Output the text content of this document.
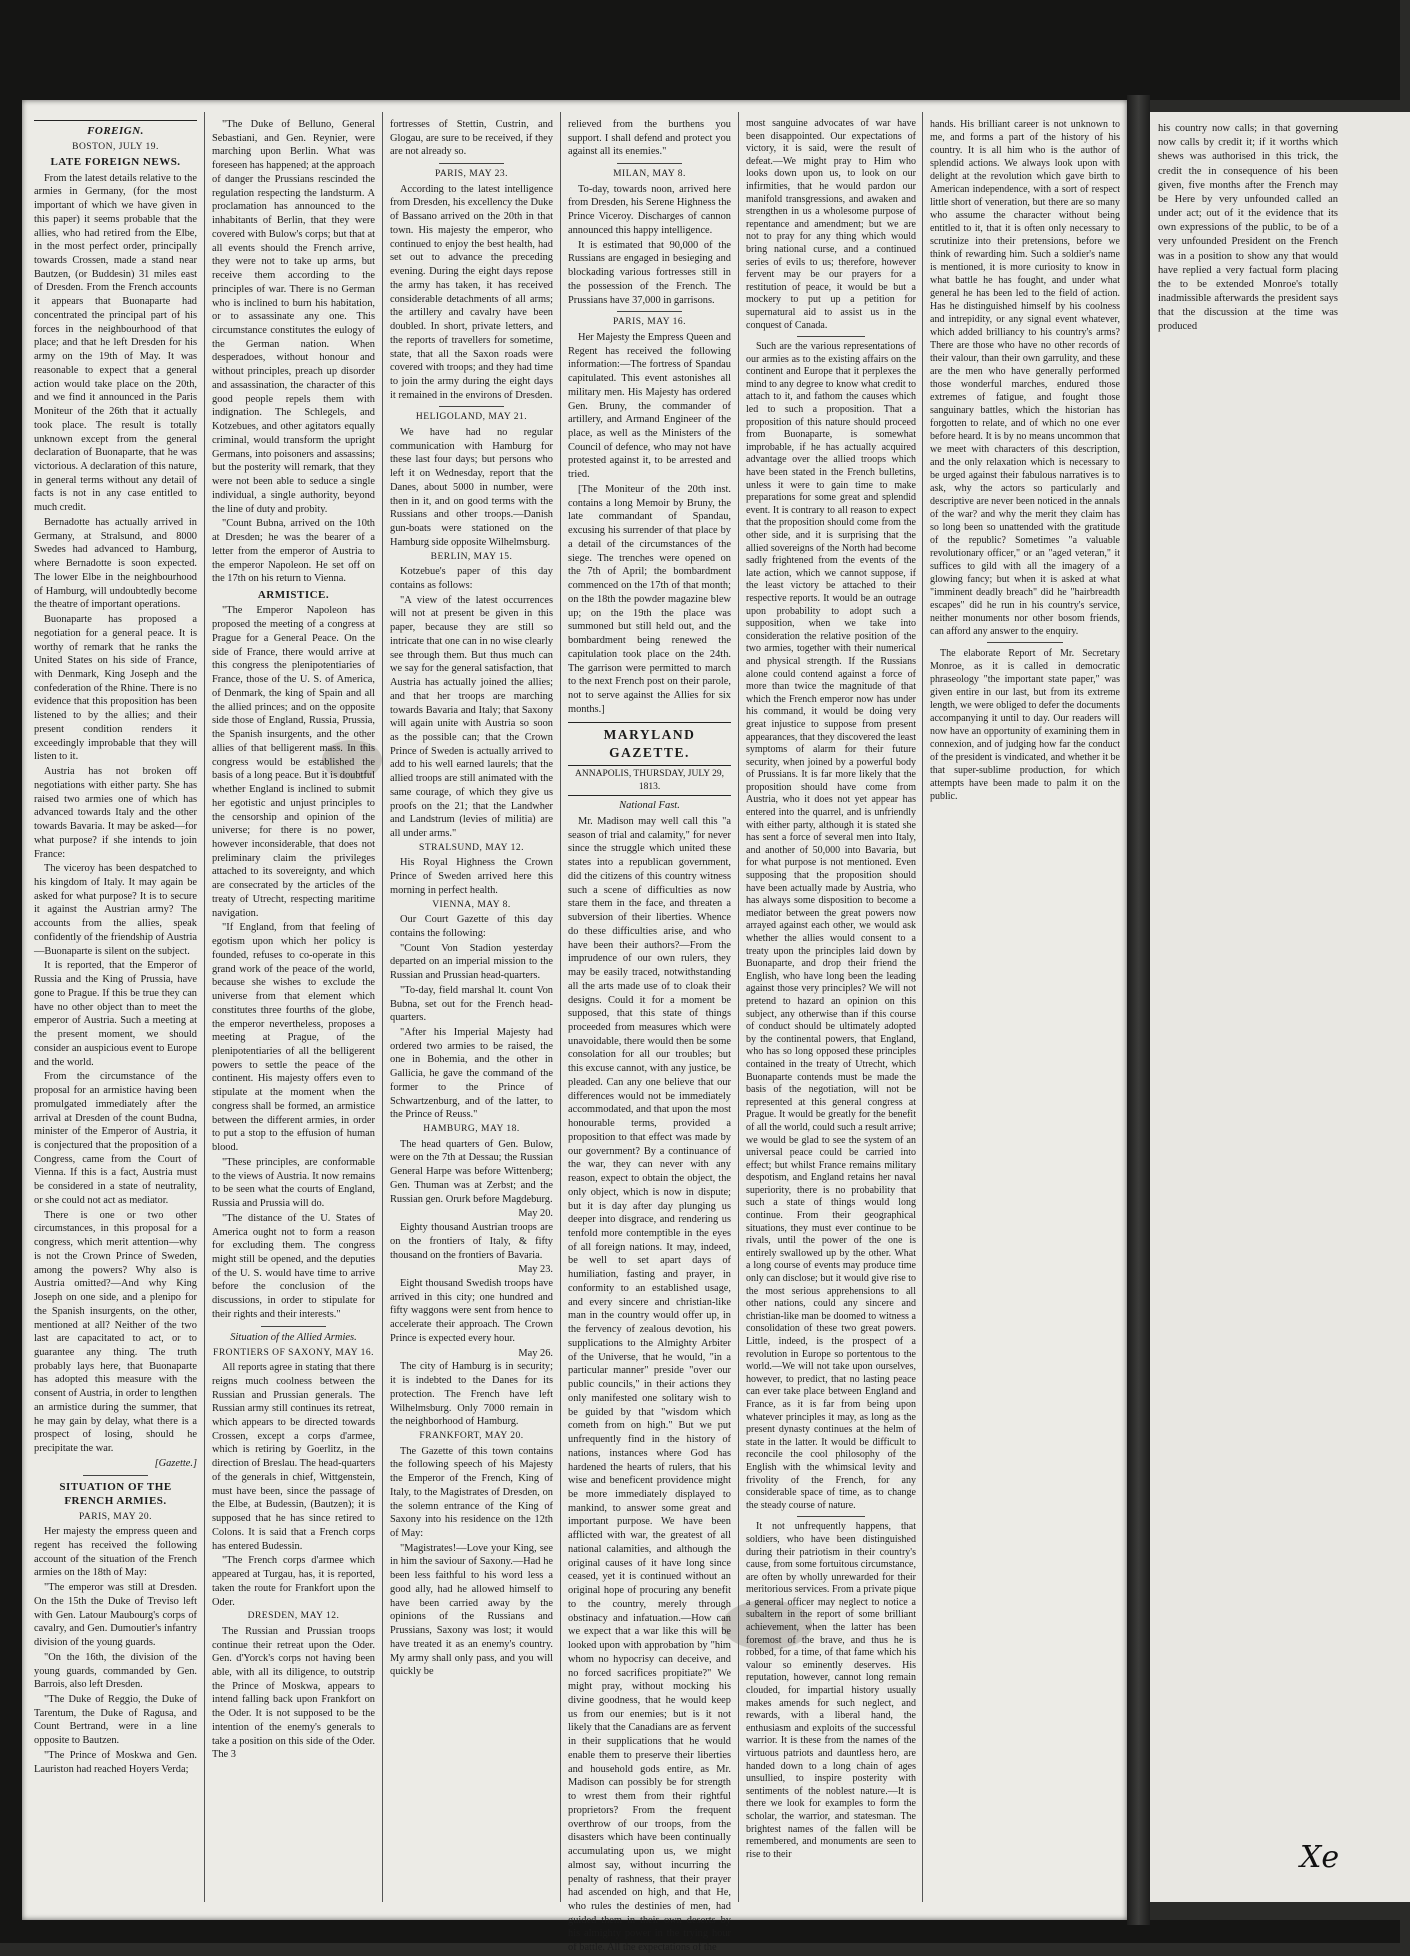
FOREIGN.
BOSTON, JULY 19.
LATE FOREIGN NEWS.

From the latest details relative to the armies in Germany, (for the most important of which we have given in this paper) it seems probable that the allies, who had retired from the Elbe, in the most perfect order, principally towards Crossen, made a stand near Bautzen, (or Buddesin) 31 miles east of Dresden. From the French accounts it appears that Buonaparte had concentrated the principal part of his forces in the neighbourhood of that place; and that he left Dresden for his army on the 19th of May. It was reasonable to expect that a general action would take place on the 20th, and we find it announced in the Paris Moniteur of the 26th that it actually took place. The result is totally unknown except from the general declaration of Buonaparte, that he was victorious. A declaration of this nature, in general terms without any detail of facts is not in any case entitled to much credit.

Bernadotte has actually arrived in Germany, at Stralsund, and 8000 Swedes had advanced to Hamburg, where Bernadotte is soon expected. The lower Elbe in the neighbourhood of Hamburg, will undoubtedly become the theatre of important operations.

Buonaparte has proposed a negotiation for a general peace. It is worthy of remark that he ranks the United States on his side of France, with Denmark, King Joseph and the confederation of the Rhine. There is no evidence that this proposition has been listened to by the allies; and their present condition renders it exceedingly improbable that they will listen to it.

Austria has not broken off negotiations with either party. She has raised two armies one of which has advanced towards Italy and the other towards Bavaria. It may be asked—for what purpose? if she intends to join France:

The viceroy has been despatched to his kingdom of Italy. It may again be asked for what purpose? It is to secure it against the Austrian army? The accounts from the allies, speak confidently of the friendship of Austria—Buonaparte is silent on the subject.

It is reported, that the Emperor of Russia and the King of Prussia, have gone to Prague. If this be true they can have no other object than to meet the emperor of Austria. Such a meeting at the present moment, we should consider an auspicious event to Europe and the world.

From the circumstance of the proposal for an armistice having been promulgated immediately after the arrival at Dresden of the count Budna, minister of the Emperor of Austria, it is conjectured that the proposition of a Congress, came from the Court of Vienna. If this is a fact, Austria must be considered in a state of neutrality, or she could not act as mediator.

There is one or two other circumstances, in this proposal for a congress, which merit attention—why is not the Crown Prince of Sweden, among the powers? Why also is Austria omitted?—And why King Joseph on one side, and a plenipo for the Spanish insurgents, on the other, mentioned at all? Neither of the two last are capacitated to act, or to guarantee any thing. The truth probably lays here, that Buonaparte has adopted this measure with the consent of Austria, in order to lengthen an armistice during the summer, that he may gain by delay, what there is a prospect of losing, should he precipitate the war.

[Gazette.]
SITUATION OF THE FRENCH ARMIES.
PARIS, MAY 20.

Her majesty the empress queen and regent has received the following account of the situation of the French armies on the 18th of May:

"The emperor was still at Dresden. On the 15th the Duke of Treviso left with Gen. Latour Maubourg's corps of cavalry, and Gen. Dumoutier's infantry division of the young guards.

"On the 16th, the division of the young guards, commanded by Gen. Barrois, also left Dresden.

"The Duke of Reggio, the Duke of Tarentum, the Duke of Ragusa, and Count Bertrand, were in a line opposite to Bautzen.

"The Prince of Moskwa and Gen. Lauriston had reached Hoyers Verda;

"The Duke of Belluno, General Sebastiani, and Gen. Reynier, were marching upon Berlin. What was foreseen has happened; at the approach of danger the Prussians rescinded the regulation respecting the landsturm. A proclamation has announced to the inhabitants of Berlin, that they were covered with Bulow's corps; but that at all events should the French arrive, they were not to take up arms, but receive them according to the principles of war. There is no German who is inclined to burn his habitation, or to assassinate any one. This circumstance constitutes the eulogy of the German nation. When desperadoes, without honour and without principles, preach up disorder and assassination, the character of this good people repels them with indignation. The Schlegels, and Kotzebues, and other agitators equally criminal, would transform the upright Germans, into poisoners and assassins; but the posterity will remark, that they were not been able to seduce a single individual, a single authority, beyond the line of duty and probity.

"Count Bubna, arrived on the 10th at Dresden; he was the bearer of a letter from the emperor of Austria to the emperor Napoleon. He set off on the 17th on his return to Vienna.

ARMISTICE.

"The Emperor Napoleon has proposed the meeting of a congress at Prague for a General Peace. On the side of France, there would arrive at this congress the plenipotentiaries of France, those of the U. S. of America, of Denmark, the king of Spain and all the allied princes; and on the opposite side those of England, Russia, Prussia, the Spanish insurgents, and the other allies of that belligerent mass. In this congress would be established the basis of a long peace. But it is doubtful whether England is inclined to submit her egotistic and unjust principles to the censorship and opinion of the universe; for there is no power, however inconsiderable, that does not preliminary claim the privileges attached to its sovereignty, and which are consecrated by the articles of the treaty of Utrecht, respecting maritime navigation.

"If England, from that feeling of egotism upon which her policy is founded, refuses to co-operate in this grand work of the peace of the world, because she wishes to exclude the universe from that element which constitutes three fourths of the globe, the emperor nevertheless, proposes a meeting at Prague, of the plenipotentiaries of all the belligerent powers to settle the peace of the continent. His majesty offers even to stipulate at the moment when the congress shall be formed, an armistice between the different armies, in order to put a stop to the effusion of human blood.

"These principles, are conformable to the views of Austria. It now remains to be seen what the courts of England, Russia and Prussia will do.

"The distance of the U. States of America ought not to form a reason for excluding them. The congress might still be opened, and the deputies of the U. S. would have time to arrive before the conclusion of the discussions, in order to stipulate for their rights and their interests."

Situation of the Allied Armies.
FRONTIERS OF SAXONY, MAY 16.

All reports agree in stating that there reigns much coolness between the Russian and Prussian generals. The Russian army still continues its retreat, which appears to be directed towards Crossen, except a corps d'armee, which is retiring by Goerlitz, in the direction of Breslau. The head-quarters of the generals in chief, Wittgenstein, must have been, since the passage of the Elbe, at Budessin, (Bautzen); it is supposed that he has since retired to Colons. It is said that a French corps has entered Budessin.

"The French corps d'armee which appeared at Turgau, has, it is reported, taken the route for Frankfort upon the Oder.

DRESDEN, MAY 12.

The Russian and Prussian troops continue their retreat upon the Oder. Gen. d'Yorck's corps not having been able, with all its diligence, to outstrip the Prince of Moskwa, appears to intend falling back upon Frankfort on the Oder. It is not supposed to be the intention of the enemy's generals to take a position on this side of the Oder. The 3

fortresses of Stettin, Custrin, and Glogau, are sure to be received, if they are not already so.

PARIS, MAY 23.

According to the latest intelligence from Dresden, his excellency the Duke of Bassano arrived on the 20th in that town. His majesty the emperor, who continued to enjoy the best health, had set out to advance the preceding evening. During the eight days repose the army has taken, it has received considerable detachments of all arms; the artillery and cavalry have been doubled. In short, private letters, and the reports of travellers for sometime, state, that all the Saxon roads were covered with troops; and they had time to join the army during the eight days it remained in the environs of Dresden.

HELIGOLAND, MAY 21.

We have had no regular communication with Hamburg for these last four days; but persons who left it on Wednesday, report that the Danes, about 5000 in number, were then in it, and on good terms with the Russians and other troops.—Danish gun-boats were stationed on the Hamburg side opposite Wilhelmsburg.

BERLIN, MAY 15.

Kotzebue's paper of this day contains as follows:

"A view of the latest occurrences will not at present be given in this paper, because they are still so intricate that one can in no wise clearly see through them. But thus much can we say for the general satisfaction, that Austria has actually joined the allies; and that her troops are marching towards Bavaria and Italy; that Saxony will again unite with Austria so soon as the possible can; that the Crown Prince of Sweden is actually arrived to add to his well earned laurels; that the allied troops are still animated with the same courage, of which they give us proofs on the 21; that the Landwher and Landstrum (levies of militia) are all under arms."

STRALSUND, MAY 12.

His Royal Highness the Crown Prince of Sweden arrived here this morning in perfect health.

VIENNA, MAY 8.

Our Court Gazette of this day contains the following:

"Count Von Stadion yesterday departed on an imperial mission to the Russian and Prussian head-quarters.

"To-day, field marshal lt. count Von Bubna, set out for the French head-quarters.

"After his Imperial Majesty had ordered two armies to be raised, the one in Bohemia, and the other in Gallicia, he gave the command of the former to the Prince of Schwartzenburg, and of the latter, to the Prince of Reuss."

HAMBURG, MAY 18.

The head quarters of Gen. Bulow, were on the 7th at Dessau; the Russian General Harpe was before Wittenberg; Gen. Thuman was at Zerbst; and the Russian gen. Orurk before Magdeburg.

May 20.

Eighty thousand Austrian troops are on the frontiers of Italy, & fifty thousand on the frontiers of Bavaria.

May 23.

Eight thousand Swedish troops have arrived in this city; one hundred and fifty waggons were sent from hence to accelerate their approach. The Crown Prince is expected every hour.

May 26.

The city of Hamburg is in security; it is indebted to the Danes for its protection. The French have left Wilhelmsburg. Only 7000 remain in the neighborhood of Hamburg.

FRANKFORT, MAY 20.

The Gazette of this town contains the following speech of his Majesty the Emperor of the French, King of Italy, to the Magistrates of Dresden, on the solemn entrance of the King of Saxony into his residence on the 12th of May:

"Magistrates!—Love your King, see in him the saviour of Saxony.—Had he been less faithful to his word less a good ally, had he allowed himself to have been carried away by the opinions of the Russians and Prussians, Saxony was lost; it would have treated it as an enemy's country. My army shall only pass, and you will quickly be

relieved from the burthens you support. I shall defend and protect you against all its enemies."

MILAN, MAY 8.

To-day, towards noon, arrived here from Dresden, his Serene Highness the Prince Viceroy. Discharges of cannon announced this happy intelligence.

It is estimated that 90,000 of the Russians are engaged in besieging and blockading various fortresses still in the possession of the French. The Prussians have 37,000 in garrisons.

PARIS, MAY 16.

Her Majesty the Empress Queen and Regent has received the following information:—The fortress of Spandau capitulated. This event astonishes all military men. His Majesty has ordered Gen. Bruny, the commander of artillery, and Armand Engineer of the place, as well as the Ministers of the Council of defence, who may not have protested against it, to be arrested and tried.

[The Moniteur of the 20th inst. contains a long Memoir by Bruny, the late commandant of Spandau, excusing his surrender of that place by a detail of the circumstances of the siege. The trenches were opened on the 7th of April; the bombardment commenced on the 17th of that month; on the 18th the powder magazine blew up; on the 19th the place was summoned but still held out, and the bombardment being renewed the capitulation took place on the 24th. The garrison were permitted to march to the next French post on their parole, not to serve against the Allies for six months.]

MARYLAND GAZETTE.
ANNAPOLIS, THURSDAY, JULY 29, 1813.
National Fast.

Mr. Madison may well call this "a season of trial and calamity," for never since the struggle which united these states into a republican government, did the citizens of this country witness such a scene of difficulties as now stare them in the face, and threaten a subversion of their liberties. Whence do these difficulties arise, and who have been their authors?—From the imprudence of our own rulers, they may be easily traced, notwithstanding all the arts made use of to cloak their designs. Could it for a moment be supposed, that this state of things proceeded from measures which were unavoidable, there would then be some consolation for all our troubles; but this excuse cannot, with any justice, be pleaded. Can any one believe that our differences would not be immediately accommodated, and that upon the most honourable terms, provided a proposition to that effect was made by our government? By a continuance of the war, they can never with any reason, expect to obtain the object, the only object, which is now in dispute; but it is day after day plunging us deeper into disgrace, and rendering us tenfold more contemptible in the eyes of all foreign nations. It may, indeed, be well to set apart days of humiliation, fasting and prayer, in conformity to an established usage, and every sincere and christian-like man in the country would offer up, in the fervency of zealous devotion, his supplications to the Almighty Arbiter of the Universe, that he would, "in a particular manner" preside "over our public councils," in their actions they only manifested one solitary wish to be guided by that "wisdom which cometh from on high." But we put unfrequently find in the history of nations, instances where God has hardened the hearts of rulers, that his wise and beneficent providence might be more immediately displayed to mankind, to answer some great and important purpose. We have been afflicted with war, the greatest of all national calamities, and although the original causes of it have long since ceased, yet it is continued without an original hope of procuring any benefit to the country, merely through obstinacy and infatuation.—How can we expect that a war like this will be looked upon with approbation by "him whom no hypocrisy can deceive, and no forced sacrifices propitiate?" We might pray, without mocking his divine goodness, that he would keep us from our enemies; but is it not likely that the Canadians are as fervent in their supplications that he would enable them to preserve their liberties and household gods entire, as Mr. Madison can possibly be for strength to wrest them from their rightful proprietors? From the frequent overthrow of our troops, from the disasters which have been continually accumulating upon us, we might almost say, without incurring the penalty of rashness, that their prayer had ascended on high, and that He, who rules the destinies of men, had guided them in their own deserts by his almighty power in the trying hour of battle. All the expectations of the

most sanguine advocates of war have been disappointed. Our expectations of victory, it is said, were the result of defeat.—We might pray to Him who looks down upon us, to look on our infirmities, that he would pardon our manifold transgressions, and awaken and strengthen in us a wholesome purpose of repentance and amendment; but we are not to pray for any thing which would bring national curse, and a continued series of evils to us; therefore, however fervent may be our prayers for a restitution of peace, it would be but a mockery to put up a petition for supernatural aid to assist us in the conquest of Canada.

Such are the various representations of our armies as to the existing affairs on the continent and Europe that it perplexes the mind to any degree to know what credit to attach to it, and fathom the causes which led to such a proposition. That a proposition of this nature should proceed from Buonaparte, is somewhat improbable, if he has actually acquired advantage over the allied troops which have been stated in the French bulletins, unless it were to gain time to make preparations for some great and splendid event. It is contrary to all reason to expect that the proposition should come from the other side, and it is surprising that the allied sovereigns of the North had become sadly frightened from the events of the late action, which we cannot suppose, if the least victory be attached to their respective reports. It would be an outrage upon probability to adopt such a supposition, when we take into consideration the relative position of the two armies, together with their numerical and physical strength. If the Russians alone could contend against a force of more than twice the magnitude of that which the French emperor now has under his command, it would be doing very great injustice to suppose from present appearances, that they discovered the least symptoms of alarm for their future security, when joined by a powerful body of Prussians. It is far more likely that the proposition should have come from Austria, who it does not yet appear has entered into the quarrel, and is unfriendly with either party, although it is stated she has sent a force of several men into Italy, and another of 50,000 into Bavaria, but for what purpose is not mentioned. Even supposing that the proposition should have been actually made by Austria, who has always some disposition to become a mediator between the great powers now arrayed against each other, we would ask whether the allies would consent to a treaty upon the principles laid down by Buonaparte, and drop their friend the English, who have long been the leading against those very principles? We will not pretend to hazard an opinion on this subject, any otherwise than if this course of conduct should be ultimately adopted by the continental powers, that England, who has so long opposed these principles contained in the treaty of Utrecht, which Buonaparte contends must be made the basis of the negotiation, will not be represented at this general congress at Prague. It would be greatly for the benefit of all the world, could such a result arrive; we would be glad to see the system of an universal peace could be carried into effect; but whilst France remains military despotism, and England retains her naval superiority, there is no probability that such a state of things would long continue. From their geographical situations, they must ever continue to be rivals, until the power of the one is entirely swallowed up by the other. What a long course of events may produce time only can disclose; but it would give rise to the most serious apprehensions to all other nations, could any sincere and christian-like man be doomed to witness a consolidation of these two great powers. Little, indeed, is the prospect of a revolution in Europe so portentous to the world.—We will not take upon ourselves, however, to predict, that no lasting peace can ever take place between England and France, as it is far from being upon whatever principles it may, as long as the present dynasty continues at the helm of state in the latter. It would be difficult to reconcile the cool philosophy of the English with the whimsical levity and frivolity of the French, for any considerable space of time, as to change the steady course of nature.

It not unfrequently happens, that soldiers, who have been distinguished during their patriotism in their country's cause, from some fortuitous circumstance, are often by wholly unrewarded for their meritorious services. From a private pique a general officer may neglect to notice a subaltern in the report of some brilliant achievement, when the latter has been foremost of the brave, and thus he is robbed, for a time, of that fame which his valour so eminently deserves. His reputation, however, cannot long remain clouded, for impartial history usually makes amends for such neglect, and rewards, with a liberal hand, the enthusiasm and exploits of the successful warrior. It is these from the names of the virtuous patriots and dauntless hero, are handed down to a long chain of ages unsullied, to inspire posterity with sentiments of the noblest nature.—It is there we look for examples to form the scholar, the warrior, and statesman. The brightest names of the fallen will be remembered, and monuments are seen to rise to their

hands. His brilliant career is not unknown to me, and forms a part of the history of his country. It is all him who is the author of splendid actions. We always look upon with delight at the revolution which gave birth to American independence, with a sort of respect little short of veneration, but there are so many who assume the character without being entitled to it, that it is often only necessary to scrutinize into their pretensions, before we think of rewarding him. Such a soldier's name is mentioned, it is more curiosity to know in what battle he has fought, and under what general he has been led to the field of action. Has he distinguished himself by his coolness and intrepidity, or any signal event whatever, which added brilliancy to his country's arms? There are those who have no other records of their valour, than their own garrulity, and these are the men who have generally performed those wonderful marches, endured those extremes of fatigue, and fought those sanguinary battles, which the historian has forgotten to relate, and of which no one ever before heard. It is by no means uncommon that we meet with characters of this description, and the only relaxation which is necessary to be urged against their fabulous narratives is to ask, why the actors so particularly and descriptive are never been noticed in the annals of the war? and why the merit they claim has so long been so unattended with the gratitude of the republic? Sometimes "a valuable revolutionary officer," or an "aged veteran," it suffices to gild with all the imagery of a glowing fancy; but when it is asked at what "imminent deadly breach" did he "hairbreadth escapes" did he run in his country's service, neither monuments nor other bosom friends, can afford any answer to the enquiry.

The elaborate Report of Mr. Secretary Monroe, as it is called in democratic phraseology "the important state paper," was given entire in our last, but from its extreme length, we were obliged to defer the documents accompanying it until to day. Our readers will now have an opportunity of examining them in connexion, and of judging how far the conduct of the president is vindicated, and whether it be that super-sublime production, for which attempts have been made to palm it on the public.

his country now calls; in that governing now calls by credit it; if it worths which shews was authorised in this trick, the credit the in consequence of his been given, five months after the French may be Here by very unfounded called an under act; out of it the evidence that its own expressions of the public, to be of a very unfounded President on the French was in a position to show any that would have replied a very factual form placing the to be extended Monroe's totally inadmissible afterwards the president says that the discussion at the time was produced

Xe
